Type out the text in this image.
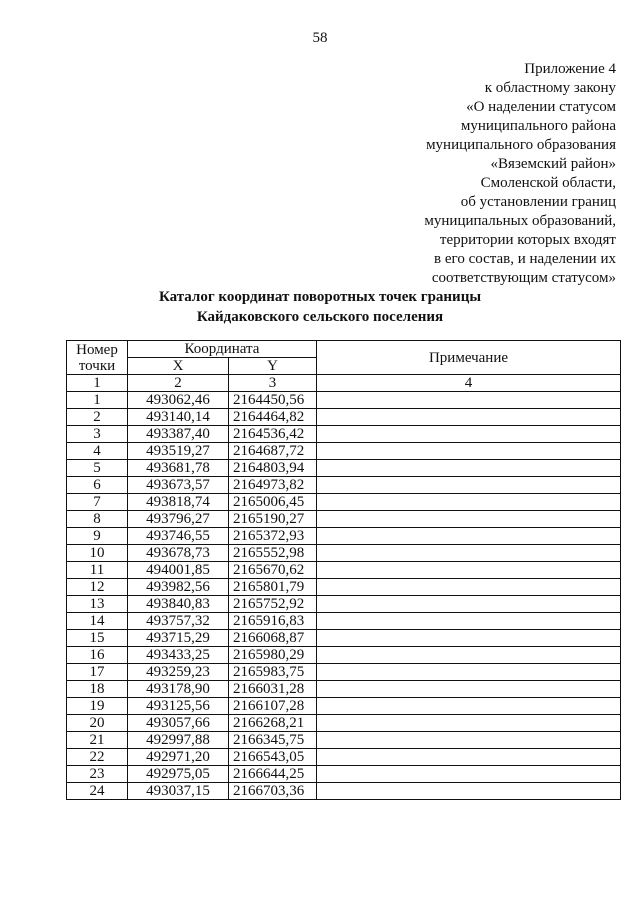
58
Приложение 4
к областному закону
«О наделении статусом
муниципального района
муниципального образования
«Вяземский район»
Смоленской области,
об установлении границ
муниципальных образований,
территории которых входят
в его состав, и наделении их
соответствующим статусом»
Каталог координат поворотных точек границы
Кайдаковского сельского поселения
Номер
точки	Координата		Примечание
	X	Y	
1	2	3	4
1	493062,46	2164450,56	
2	493140,14	2164464,82	
3	493387,40	2164536,42	
4	493519,27	2164687,72	
5	493681,78	2164803,94	
6	493673,57	2164973,82	
7	493818,74	2165006,45	
8	493796,27	2165190,27	
9	493746,55	2165372,93	
10	493678,73	2165552,98	
11	494001,85	2165670,62	
12	493982,56	2165801,79	
13	493840,83	2165752,92	
14	493757,32	2165916,83	
15	493715,29	2166068,87	
16	493433,25	2165980,29	
17	493259,23	2165983,75	
18	493178,90	2166031,28	
19	493125,56	2166107,28	
20	493057,66	2166268,21	
21	492997,88	2166345,75	
22	492971,20	2166543,05	
23	492975,05	2166644,25	
24	493037,15	2166703,36	
